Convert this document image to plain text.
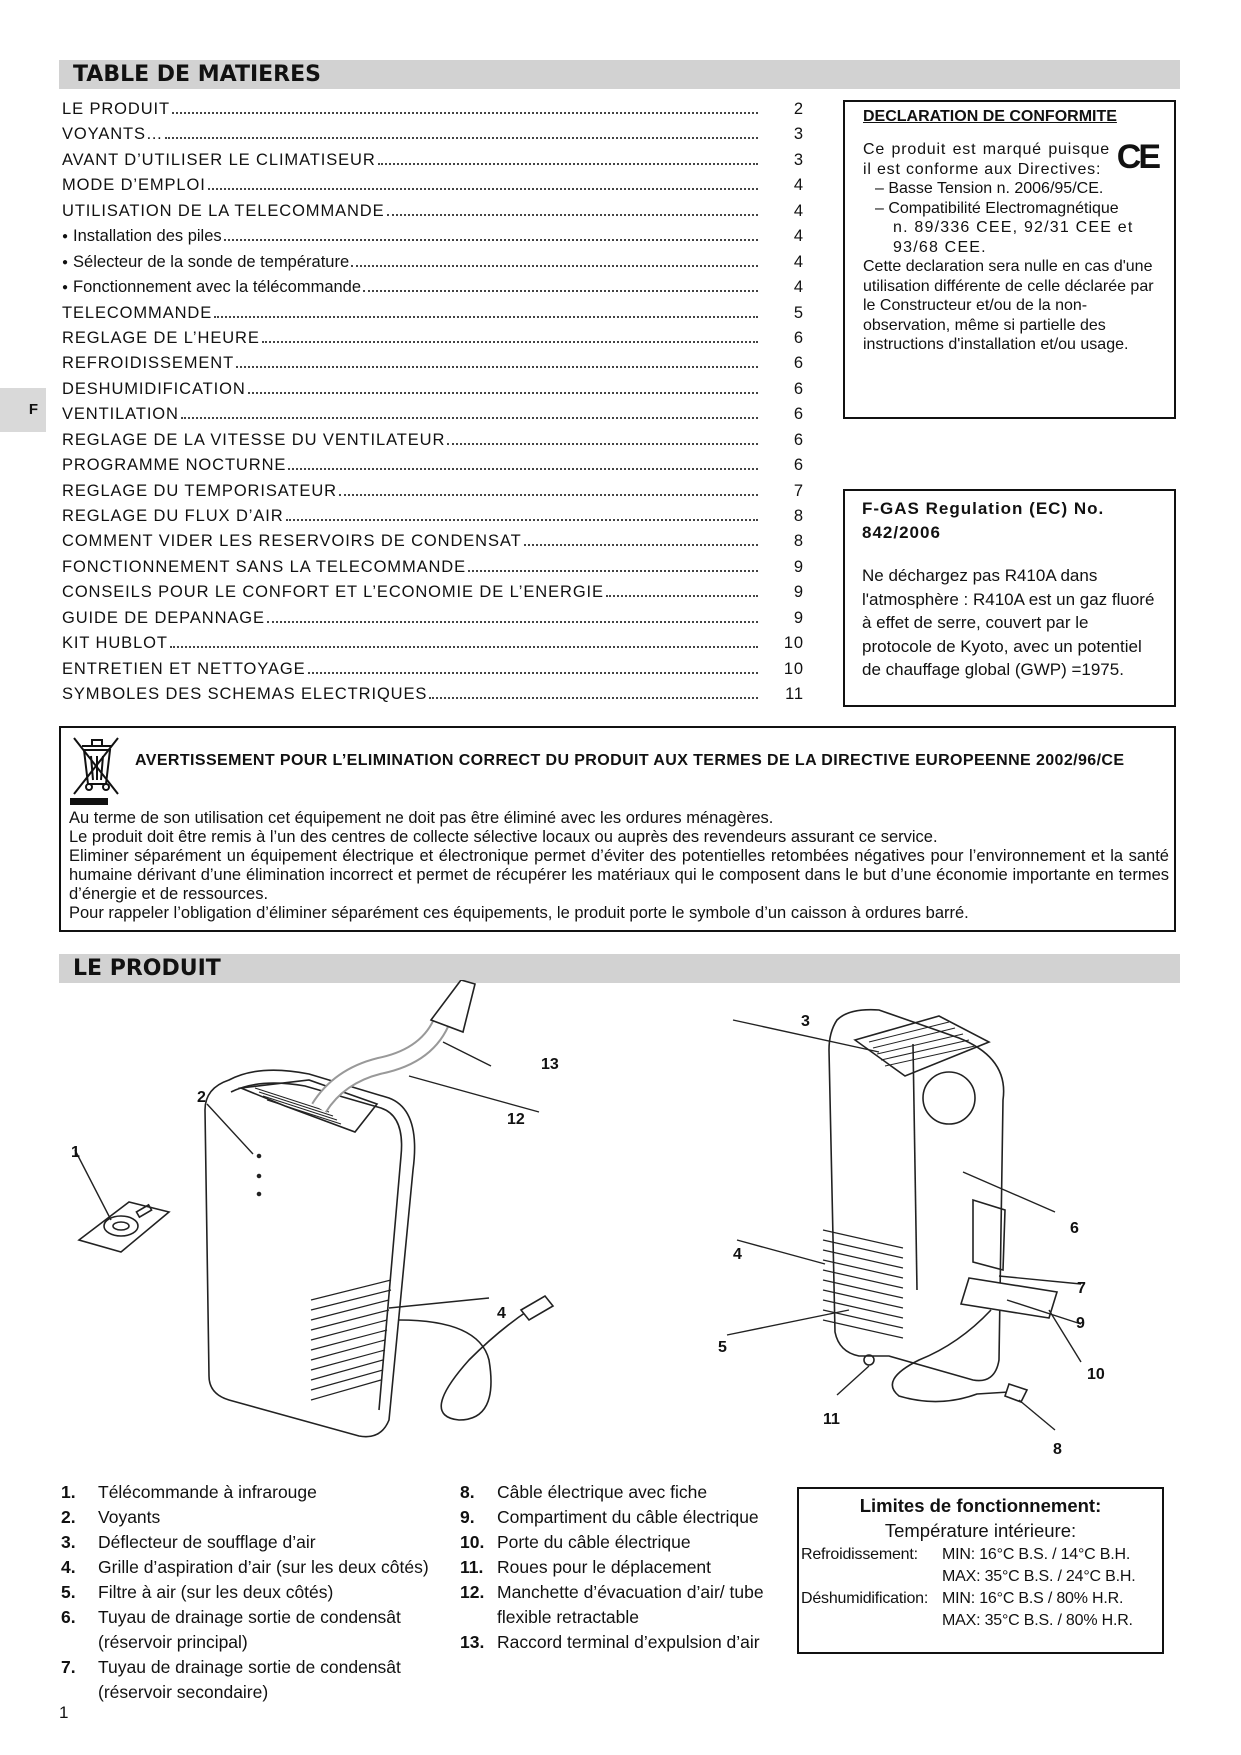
TABLE DE MATIERES
LE PRODUIT	2
VOYANTS…	3
AVANT D’UTILISER LE CLIMATISEUR	3
MODE D’EMPLOI	4
UTILISATION DE LA TELECOMMANDE	4
● Installation des piles	4
● Sélecteur de la sonde de température	4
● Fonctionnement avec la télécommande	4
TELECOMMANDE	5
REGLAGE DE L’HEURE	6
REFROIDISSEMENT	6
DESHUMIDIFICATION	6
VENTILATION	6
REGLAGE DE LA VITESSE DU VENTILATEUR	6
PROGRAMME NOCTURNE	6
REGLAGE DU TEMPORISATEUR	7
REGLAGE DU FLUX D’AIR	8
COMMENT VIDER LES RESERVOIRS DE CONDENSAT	8
FONCTIONNEMENT SANS LA TELECOMMANDE	9
CONSEILS POUR LE CONFORT ET L’ECONOMIE DE L’ENERGIE	9
GUIDE DE DEPANNAGE	9
KIT HUBLOT	10
ENTRETIEN ET NETTOYAGE	10
SYMBOLES DES SCHEMAS ELECTRIQUES	11
F
DECLARATION DE CONFORMITE
CE
Ce produit est marqué puisque il est conforme aux Directives:
– Basse Tension n. 2006/95/CE.
– Compatibilité Electromagnétique
n. 89/336 CEE, 92/31 CEE et
93/68 CEE.
Cette declaration sera nulle en cas d'une utilisation différente de celle déclarée par le Constructeur et/ou de la non-observation, même si partielle des instructions d'installation et/ou usage.
F-GAS Regulation (EC) No. 842/2006
Ne déchargez pas R410A dans l'atmosphère : R410A est un gaz fluoré à effet de serre, couvert par le protocole de Kyoto, avec un potentiel de chauffage global (GWP) =1975.
AVERTISSEMENT POUR L’ELIMINATION CORRECT DU PRODUIT AUX TERMES DE LA DIRECTIVE EUROPEENNE 2002/96/CE
Au terme de son utilisation cet équipement ne doit pas être éliminé avec les ordures ménagères.
Le produit doit être remis à l’un des centres de collecte sélective locaux ou auprès des revendeurs assurant ce service.
Eliminer séparément un équipement électrique et électronique permet d’éviter des potentielles retombées négatives pour l’environnement et la santé humaine dérivant d’une élimination incorrect et permet de récupérer les matériaux qui le composent dans le but d’une économie importante en termes d’énergie et de ressources.
Pour rappeler l’obligation d’éliminer séparément ces équipements, le produit porte le symbole d’un caisson à ordures barré.
LE PRODUIT
1
2
4
12
13
3
4
5
6
7
9
10
11
8
1.	Télécommande à infrarouge
2.	Voyants
3.	Déflecteur de soufflage d’air
4.	Grille d’aspiration d’air (sur les deux côtés)
5.	Filtre à air (sur les deux côtés)
6.	Tuyau de drainage sortie de condensât (réservoir principal)
7.	Tuyau de drainage sortie de condensât (réservoir secondaire)
8.	Câble électrique avec fiche
9.	Compartiment du câble électrique
10. Porte du câble électrique
11. Roues pour le déplacement
12. Manchette d’évacuation d’air/ tube flexible retractable
13. Raccord terminal d’expulsion d’air
Limites de fonctionnement:
Température intérieure:
Refroidissement:	MIN: 16°C B.S. / 14°C B.H.
MAX: 35°C B.S. / 24°C B.H.
Déshumidification: MIN: 16°C B.S / 80% H.R.
MAX: 35°C B.S. / 80% H.R.
1
